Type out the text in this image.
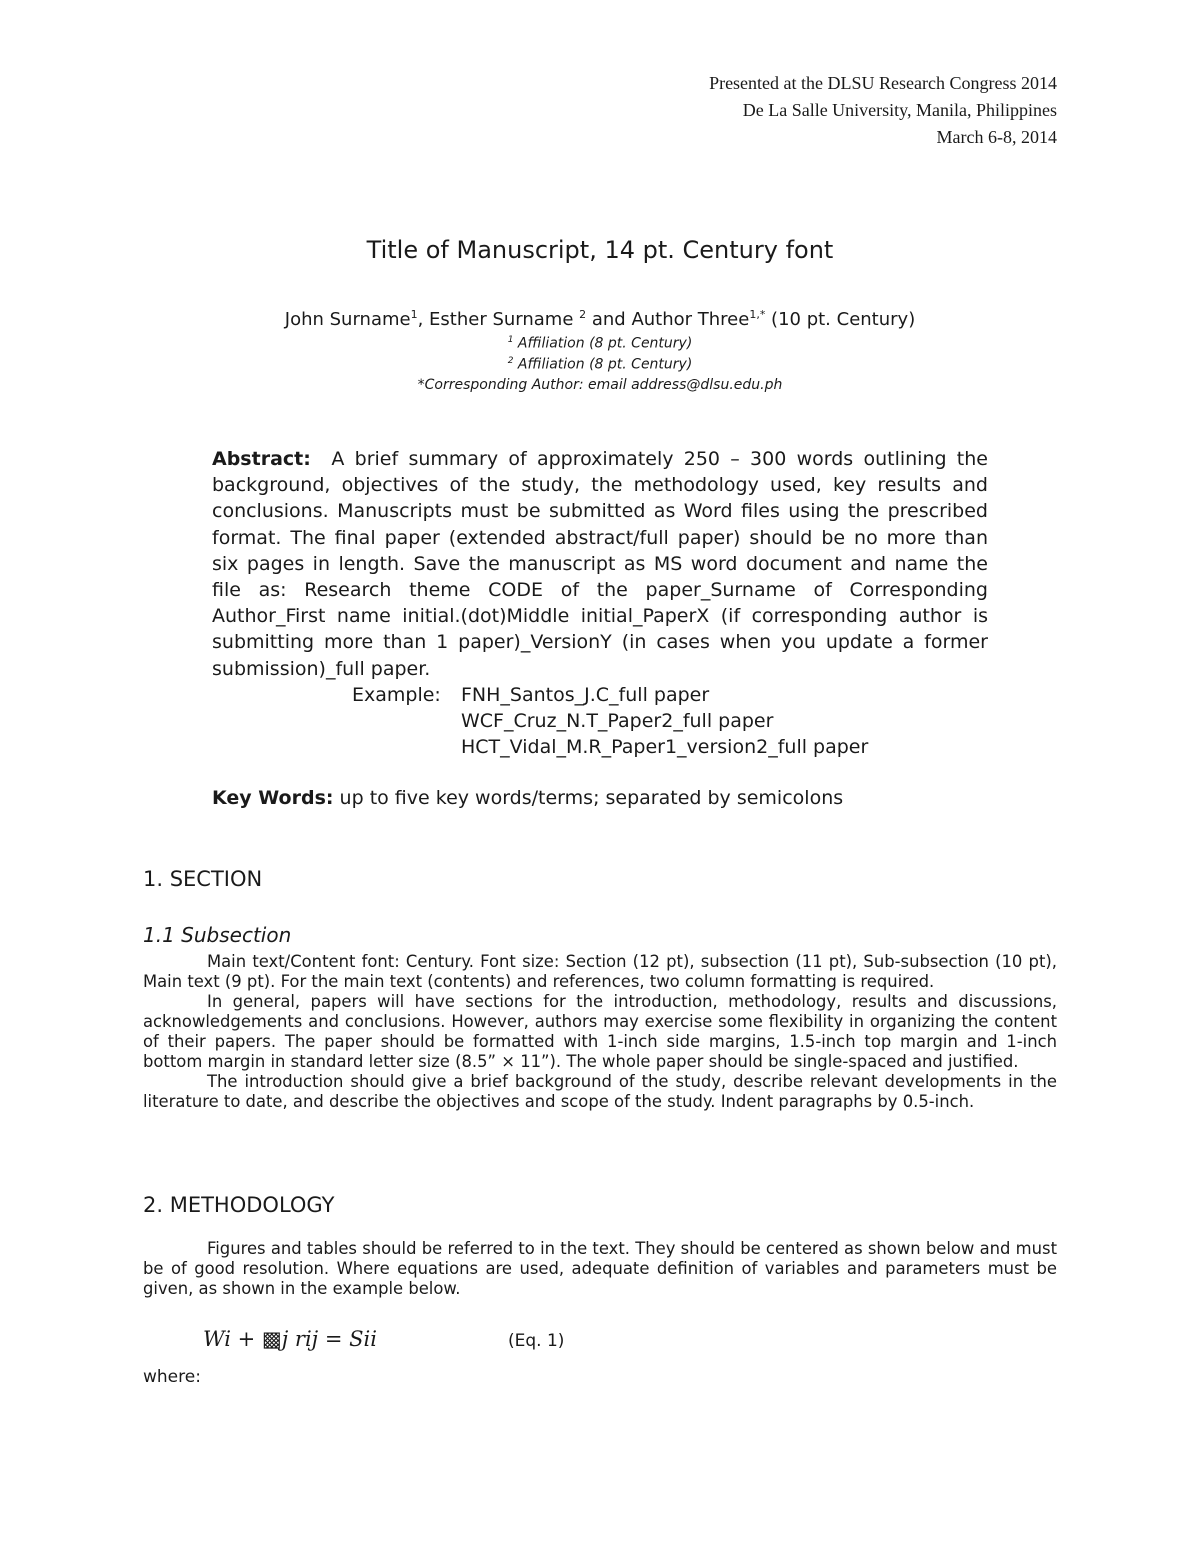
Presented at the DLSU Research Congress 2014
De La Salle University, Manila, Philippines
March 6-8, 2014
Title of Manuscript, 14 pt. Century font
John Surname$^1$, Esther Surname $^2$ and Author Three$^{1,*}$ (10 pt. Century)
$^1$ Affiliation (8 pt. Century)
$^2$ Affiliation (8 pt. Century)
*Corresponding Author: email address@dlsu.edu.ph
Abstract: A brief summary of approximately 250 – 300 words outlining the background, objectives of the study, the methodology used, key results and conclusions. Manuscripts must be submitted as Word files using the prescribed format. The final paper (extended abstract/full paper) should be no more than six pages in length. Save the manuscript as MS word document and name the file as: Research theme CODE of the paper_Surname of Corresponding Author_First name initial.(dot)Middle initial_PaperX (if corresponding author is submitting more than 1 paper)_VersionY (in cases when you update a former submission)_full paper.
Example: FNH_Santos_J.C_full paper
WCF_Cruz_N.T_Paper2_full paper
HCT_Vidal_M.R_Paper1_version2_full paper
Key Words: up to five key words/terms; separated by semicolons
1. SECTION
1.1 Subsection
Main text/Content font: Century. Font size: Section (12 pt), subsection (11 pt), Sub-subsection (10 pt), Main text (9 pt). For the main text (contents) and references, two column formatting is required.
In general, papers will have sections for the introduction, methodology, results and discussions, acknowledgements and conclusions. However, authors may exercise some flexibility in organizing the content of their papers. The paper should be formatted with 1-inch side margins, 1.5-inch top margin and 1-inch bottom margin in standard letter size (8.5” × 11”). The whole paper should be single-spaced and justified.
The introduction should give a brief background of the study, describe relevant developments in the literature to date, and describe the objectives and scope of the study. Indent paragraphs by 0.5-inch.
2. METHODOLOGY
Figures and tables should be referred to in the text. They should be centered as shown below and must be of good resolution. Where equations are used, adequate definition of variables and parameters must be given, as shown in the example below.
Wi + ▩j rij = Sii	(Eq. 1)
where:
